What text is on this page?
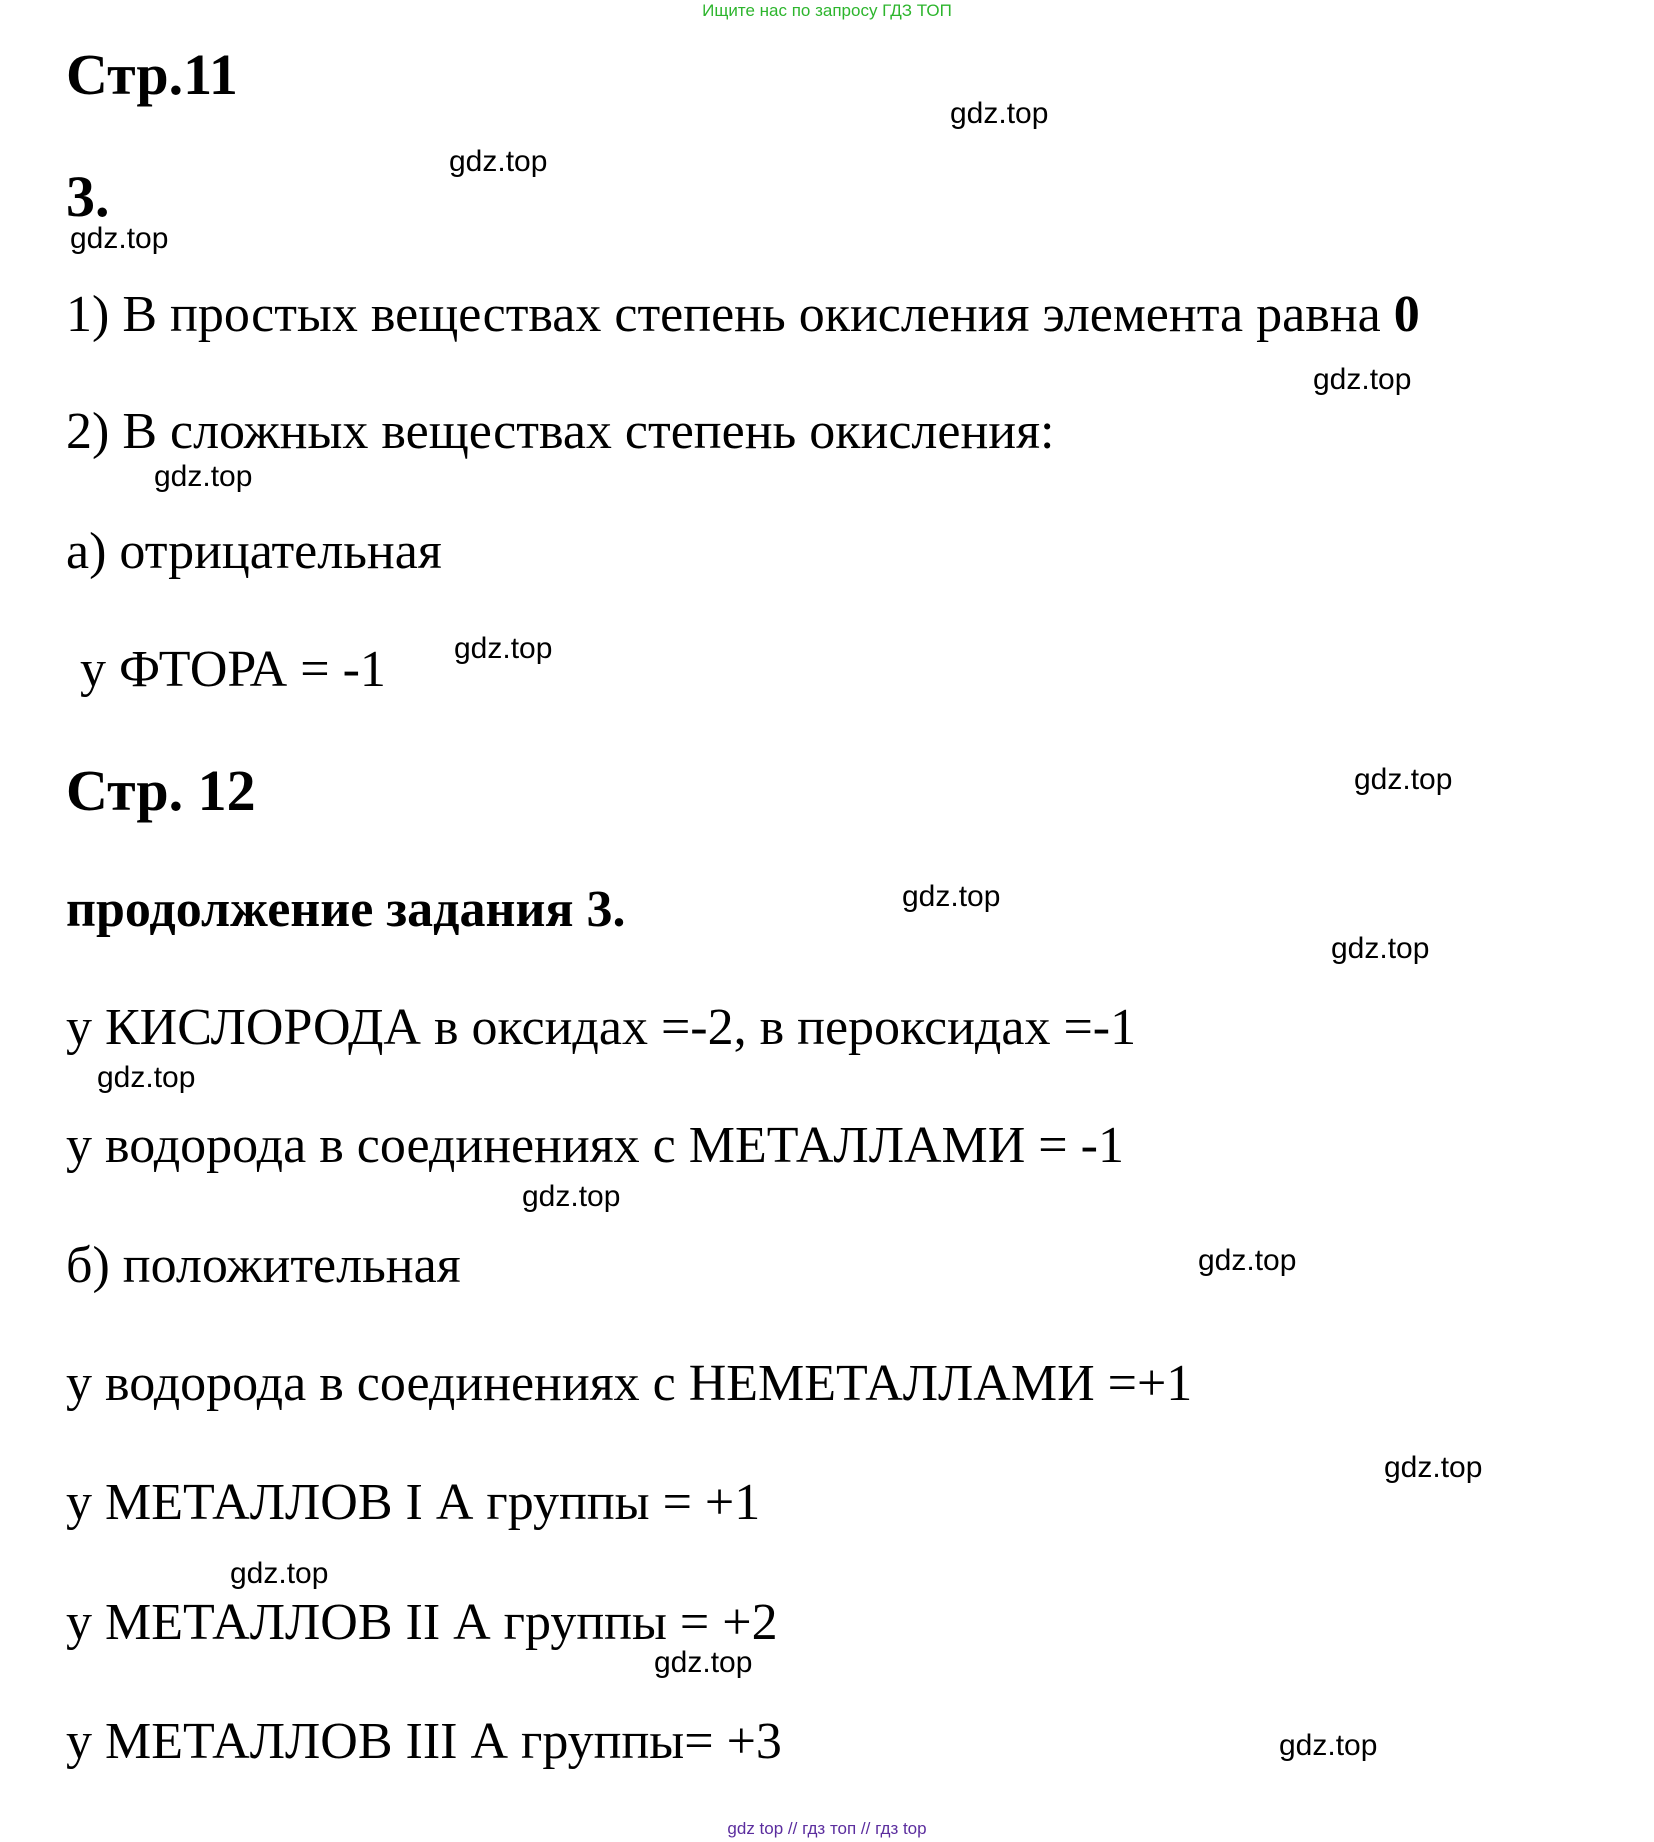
Ищите нас по запросу ГДЗ ТОП
Стр.11
3.
1) В простых веществах степень окисления элемента равна 0
2) В сложных веществах степень окисления:
а) отрицательная
у ФТОРА = -1
Стр. 12
продолжение задания 3.
у КИСЛОРОДА в оксидах =-2, в пероксидах =-1
у водорода в соединениях с МЕТАЛЛАМИ = -1
б) положительная
у водорода в соединениях с НЕМЕТАЛЛАМИ =+1
у МЕТАЛЛОВ I А группы = +1
у МЕТАЛЛОВ II А группы = +2
у МЕТАЛЛОВ III А группы= +3
gdz.top
gdz.top
gdz.top
gdz.top
gdz.top
gdz.top
gdz.top
gdz.top
gdz.top
gdz.top
gdz.top
gdz.top
gdz.top
gdz.top
gdz.top
gdz.top
gdz top // гдз топ // гдз top
